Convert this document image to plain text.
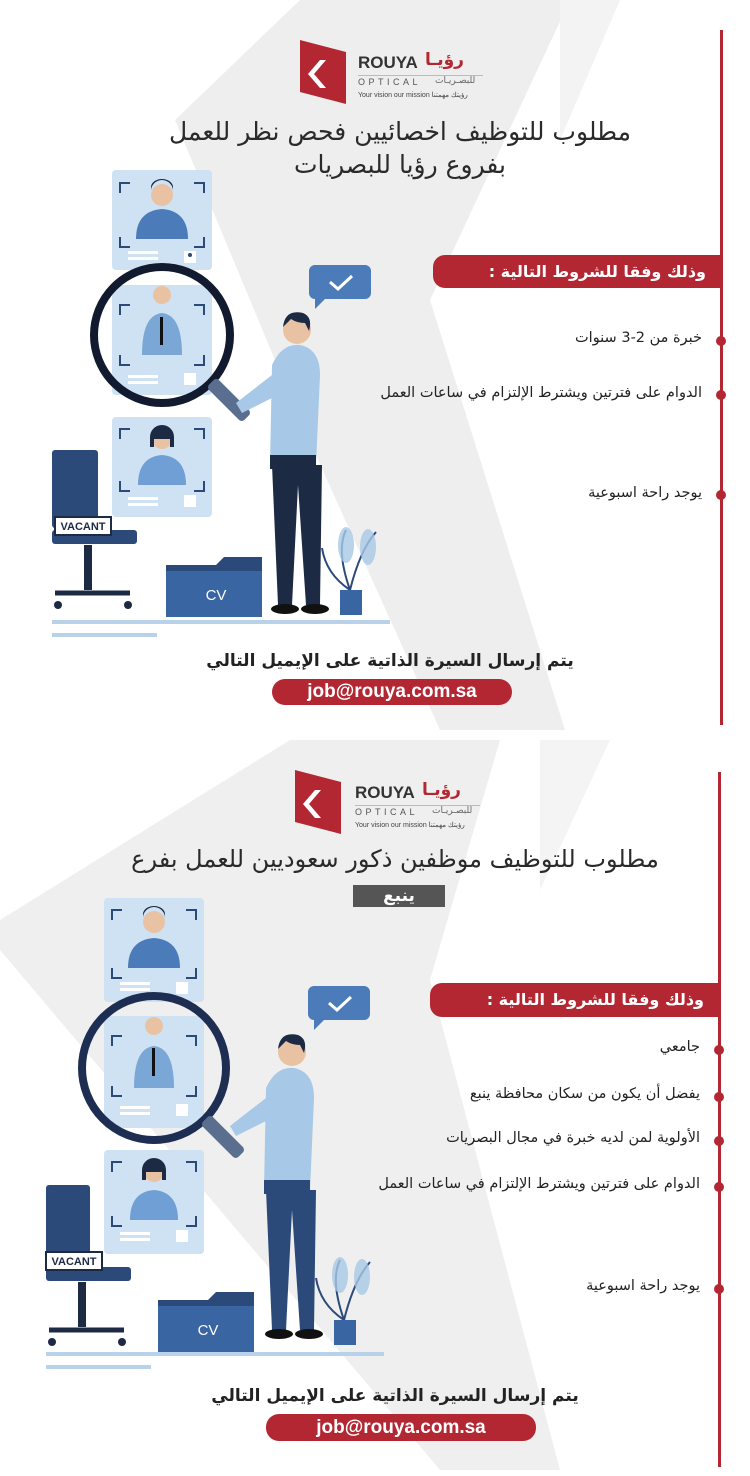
ROUYA رؤيـا
OPTICAL للبصـريـات
Your vision our mission رؤيتك مهمتنا
مطلوب للتوظيف اخصائيين فحص نظر للعمل
بفروع رؤيا للبصريات
وذلك وفقا للشروط التالية :
خبرة من 2-3 سنوات
الدوام على فترتين ويشترط الإلتزام في ساعات العمل
يوجد راحة اسبوعية
VACANT
CV
يتم إرسال السيرة الذاتية على الإيميل التالي
job@rouya.com.sa
ROUYA رؤيـا
OPTICAL للبصـريـات
Your vision our mission رؤيتك مهمتنا
مطلوب للتوظيف موظفين ذكور سعوديين للعمل بفرع
ينبع
وذلك وفقا للشروط التالية :
جامعي
يفضل أن يكون من سكان محافظة ينبع
الأولوية لمن لديه خبرة في مجال البصريات
الدوام على فترتين ويشترط الإلتزام في ساعات العمل
يوجد راحة اسبوعية
VACANT
CV
يتم إرسال السيرة الذاتية على الإيميل التالي
job@rouya.com.sa
